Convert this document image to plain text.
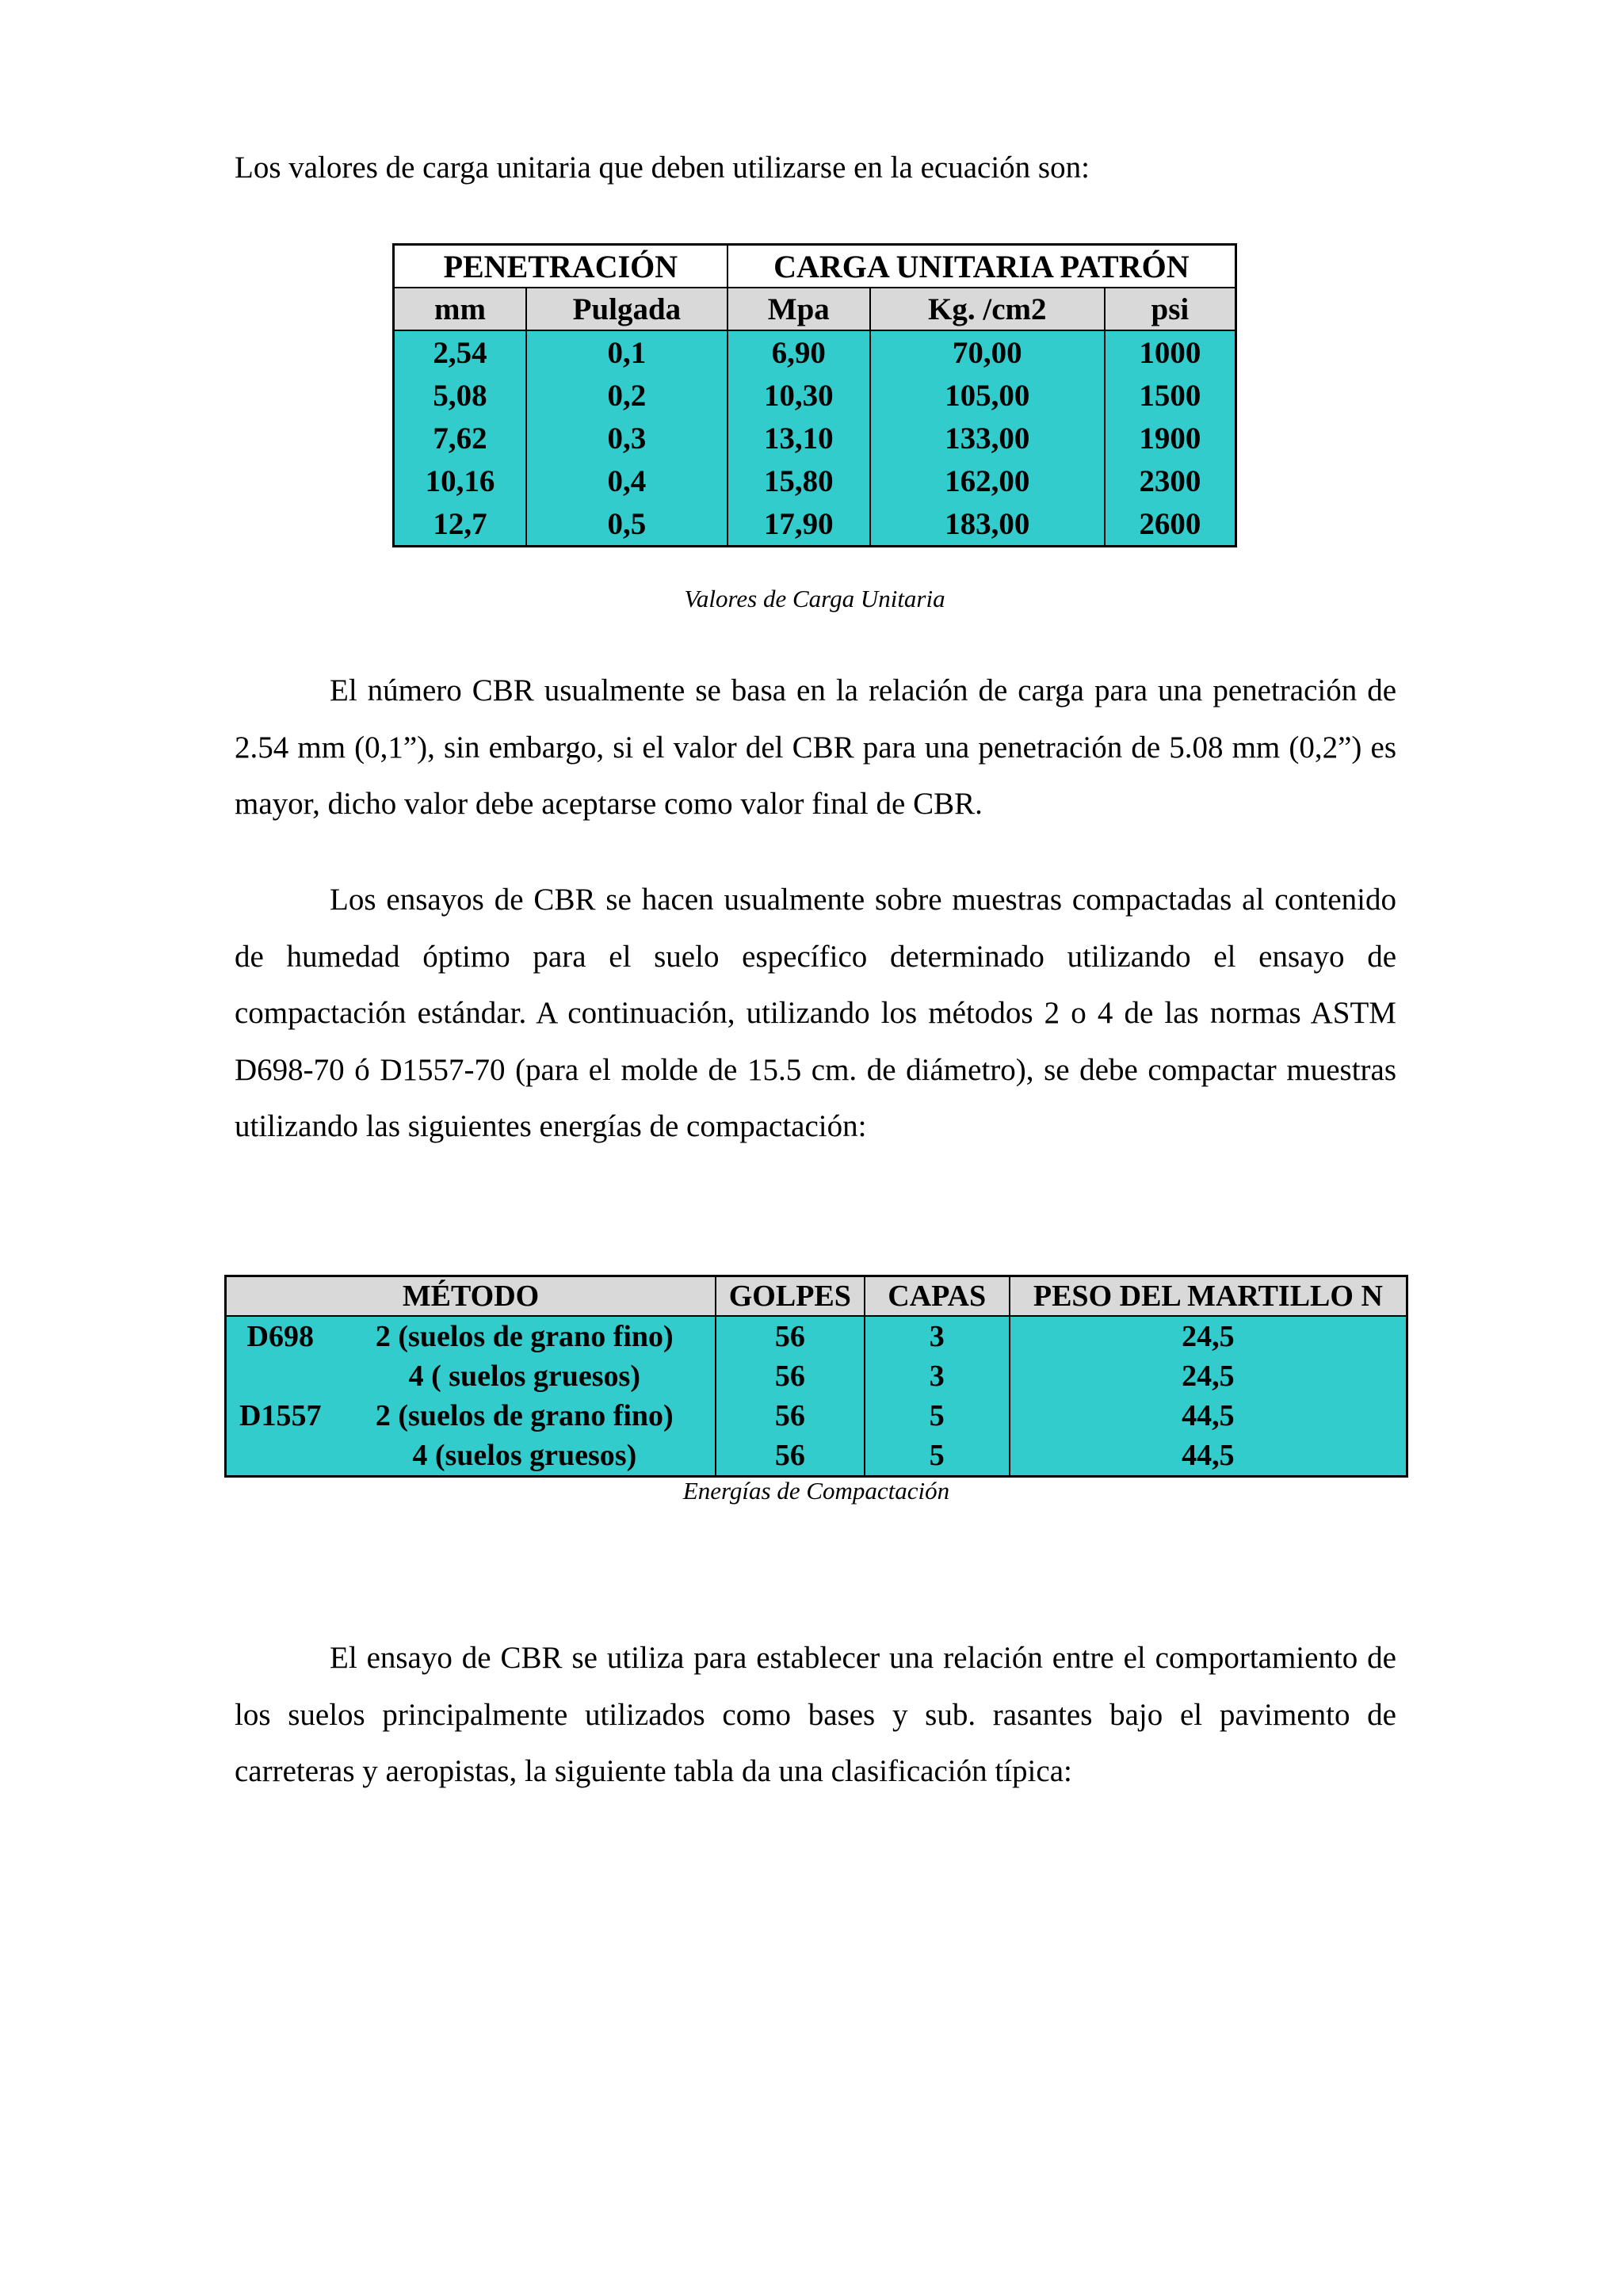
Los valores de carga unitaria que deben utilizarse en la ecuación son:

PENETRACIÓN		CARGA UNITARIA PATRÓN		
mm	Pulgada	Mpa	Kg. /cm2	psi
2,54	0,1	6,90	70,00	1000
5,08	0,2	10,30	105,00	1500
7,62	0,3	13,10	133,00	1900
10,16	0,4	15,80	162,00	2300
12,7	0,5	17,90	183,00	2600

Valores de Carga Unitaria

El número CBR usualmente se basa en la relación de carga para una penetración de 2.54 mm (0,1”), sin embargo, si el valor del CBR para una penetración de 5.08 mm (0,2”) es mayor, dicho valor debe aceptarse como valor final de CBR.

Los ensayos de CBR se hacen usualmente sobre muestras compactadas al contenido de humedad óptimo para el suelo específico determinado utilizando el ensayo de compactación estándar. A continuación, utilizando los métodos 2 o 4 de las normas ASTM D698-70 ó D1557-70 (para el molde de 15.5 cm. de diámetro), se debe compactar muestras utilizando las siguientes energías de compactación:

MÉTODO		GOLPES	CAPAS	PESO DEL MARTILLO N
D698	2 (suelos de grano fino)	56	3	24,5
	4 ( suelos gruesos)	56	3	24,5
D1557	2 (suelos de grano fino)	56	5	44,5
	4 (suelos gruesos)	56	5	44,5

Energías de Compactación

El ensayo de CBR se utiliza para establecer una relación entre el comportamiento de los suelos principalmente utilizados como bases y sub. rasantes bajo el pavimento de carreteras y aeropistas, la siguiente tabla da una clasificación típica:
